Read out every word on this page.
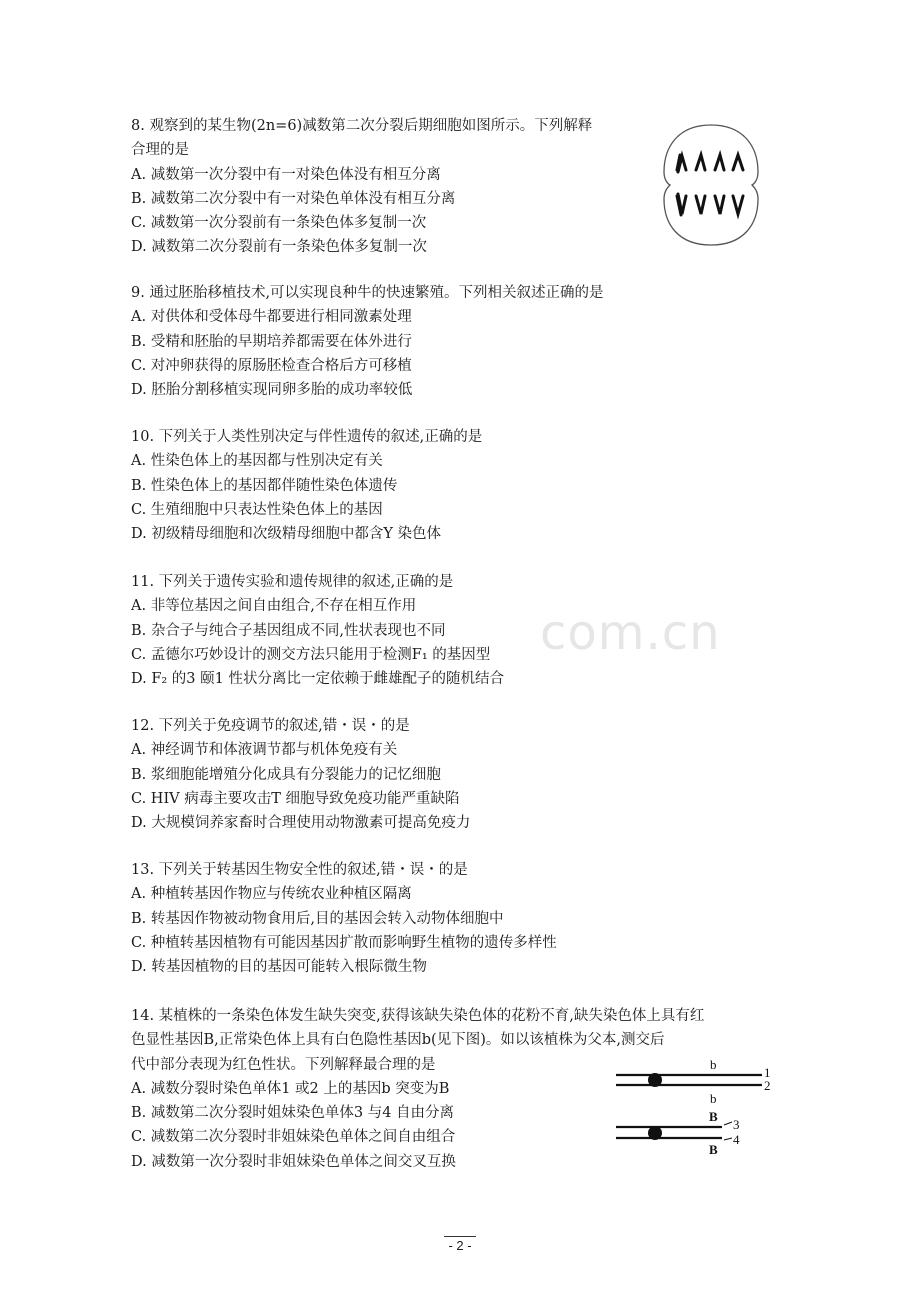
com.cn
8. 观察到的某生物(2n=6)减数第二次分裂后期细胞如图所示。下列解释
合理的是
A. 减数第一次分裂中有一对染色体没有相互分离
B. 减数第二次分裂中有一对染色单体没有相互分离
C. 减数第一次分裂前有一条染色体多复制一次
D. 减数第二次分裂前有一条染色体多复制一次
9. 通过胚胎移植技术,可以实现良种牛的快速繁殖。下列相关叙述正确的是
A. 对供体和受体母牛都要进行相同激素处理
B. 受精和胚胎的早期培养都需要在体外进行
C. 对冲卵获得的原肠胚检查合格后方可移植
D. 胚胎分割移植实现同卵多胎的成功率较低
10. 下列关于人类性别决定与伴性遗传的叙述,正确的是
A. 性染色体上的基因都与性别决定有关
B. 性染色体上的基因都伴随性染色体遗传
C. 生殖细胞中只表达性染色体上的基因
D. 初级精母细胞和次级精母细胞中都含Y 染色体
11. 下列关于遗传实验和遗传规律的叙述,正确的是
A. 非等位基因之间自由组合,不存在相互作用
B. 杂合子与纯合子基因组成不同,性状表现也不同
C. 孟德尔巧妙设计的测交方法只能用于检测F₁ 的基因型
D. F₂ 的3 颐1 性状分离比一定依赖于雌雄配子的随机结合
12. 下列关于免疫调节的叙述,错・误・的是
A. 神经调节和体液调节都与机体免疫有关
B. 浆细胞能增殖分化成具有分裂能力的记忆细胞
C. HIV 病毒主要攻击T 细胞导致免疫功能严重缺陷
D. 大规模饲养家畜时合理使用动物激素可提高免疫力
13. 下列关于转基因生物安全性的叙述,错・误・的是
A. 种植转基因作物应与传统农业种植区隔离
B. 转基因作物被动物食用后,目的基因会转入动物体细胞中
C. 种植转基因植物有可能因基因扩散而影响野生植物的遗传多样性
D. 转基因植物的目的基因可能转入根际微生物
14. 某植株的一条染色体发生缺失突变,获得该缺失染色体的花粉不育,缺失染色体上具有红
色显性基因B,正常染色体上具有白色隐性基因b(见下图)。如以该植株为父本,测交后
代中部分表现为红色性状。下列解释最合理的是
A. 减数分裂时染色单体1 或2 上的基因b 突变为B
B. 减数第二次分裂时姐妹染色单体3 与4 自由分离
C. 减数第二次分裂时非姐妹染色单体之间自由组合
D. 减数第一次分裂时非姐妹染色单体之间交叉互换
b
1
2
b
B
3
4
B
- 2 -
